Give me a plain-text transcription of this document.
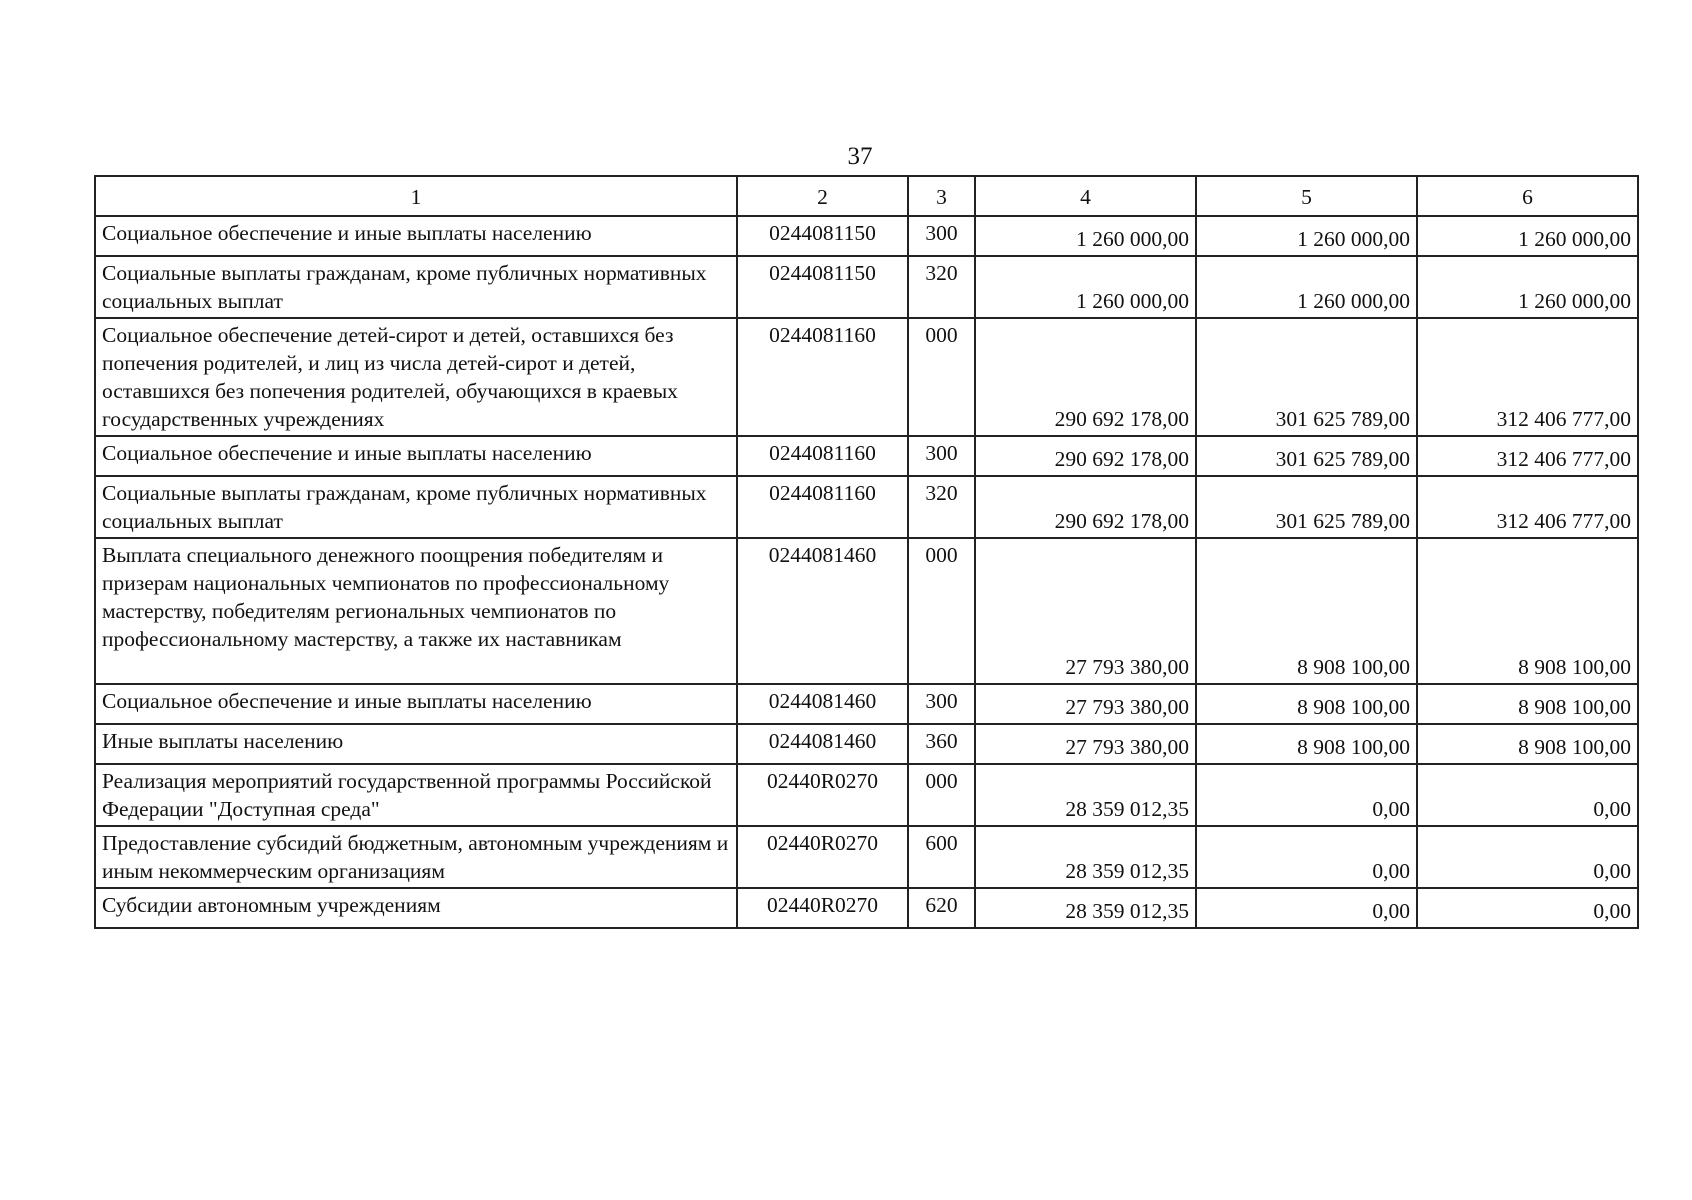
37
1	2	3	4	5	6
Социальное обеспечение и иные выплаты населению	0244081150	300	1 260 000,00	1 260 000,00	1 260 000,00
Социальные выплаты гражданам, кроме публичных нормативных социальных выплат	0244081150	320	1 260 000,00	1 260 000,00	1 260 000,00
Социальное обеспечение детей-сирот и детей, оставшихся без попечения родителей, и лиц из числа детей-сирот и детей, оставшихся без попечения родителей, обучающихся в краевых государственных учреждениях	0244081160	000	290 692 178,00	301 625 789,00	312 406 777,00
Социальное обеспечение и иные выплаты населению	0244081160	300	290 692 178,00	301 625 789,00	312 406 777,00
Социальные выплаты гражданам, кроме публичных нормативных социальных выплат	0244081160	320	290 692 178,00	301 625 789,00	312 406 777,00
Выплата специального денежного поощрения победителям и призерам национальных чемпионатов по профессиональному мастерству, победителям региональных чемпионатов по профессиональному мастерству, а также их наставникам	0244081460	000	27 793 380,00	8 908 100,00	8 908 100,00
Социальное обеспечение и иные выплаты населению	0244081460	300	27 793 380,00	8 908 100,00	8 908 100,00
Иные выплаты населению	0244081460	360	27 793 380,00	8 908 100,00	8 908 100,00
Реализация мероприятий государственной программы Российской Федерации "Доступная среда"	02440R0270	000	28 359 012,35	0,00	0,00
Предоставление субсидий бюджетным, автономным учреждениям и иным некоммерческим организациям	02440R0270	600	28 359 012,35	0,00	0,00
Субсидии автономным учреждениям	02440R0270	620	28 359 012,35	0,00	0,00
